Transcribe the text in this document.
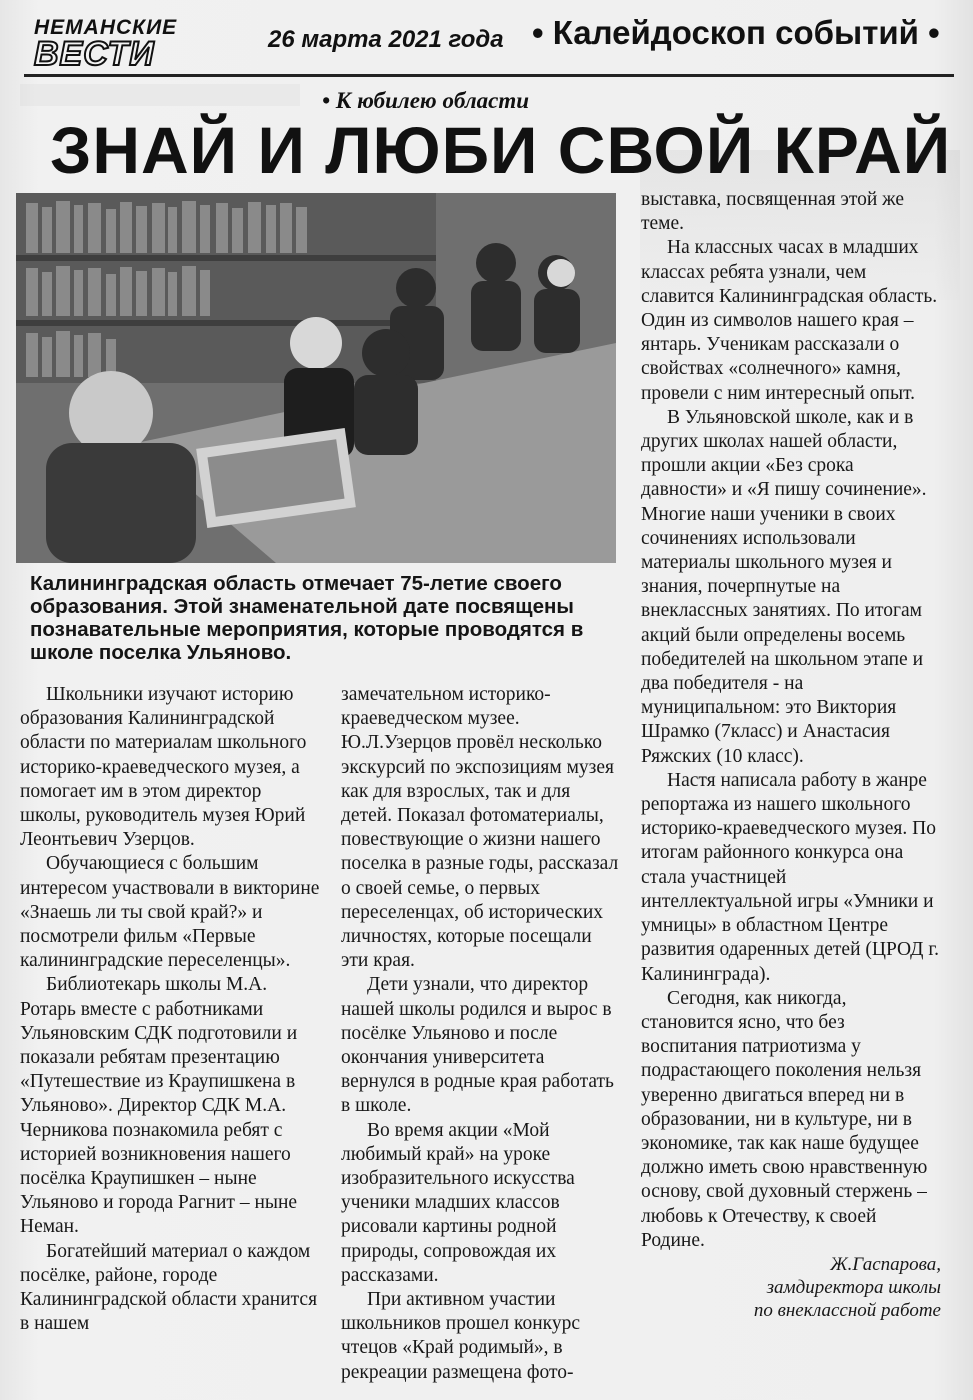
НЕМАНСКИЕ
ВЕСТИ	26 марта 2021 года • Калейдоскоп событий •
• К юбилею области
ЗНАЙ И ЛЮБИ СВОЙ КРАЙ
Калининградская область отмечает 75-летие своего образования. Этой знаменательной дате посвящены познавательные мероприятия, которые проводятся в школе поселка Ульяново.

Школьники изучают историю образования Калининградской области по материалам школьного историко-краеведческого музея, а помогает им в этом директор школы, руководитель музея Юрий Леонтьевич Узерцов.

Обучающиеся с большим интересом участвовали в викторине «Знаешь ли ты свой край?» и посмотрели фильм «Первые калининградские переселенцы».

Библиотекарь школы М.А. Ротарь вместе с работниками Ульяновским СДК подготовили и показали ребятам презентацию «Путешествие из Краупишкена в Ульяново». Директор СДК М.А. Черникова познакомила ребят с историей возникновения нашего посёлка Краупишкен – ныне Ульяново и города Рагнит – ныне Неман.

Богатейший материал о каждом посёлке, районе, городе Калининградской области хранится в нашем

замечательном историко-краеведческом музее. Ю.Л.Узерцов провёл несколько экскурсий по экспозициям музея как для взрослых, так и для детей. Показал фотоматериалы, повествующие о жизни нашего поселка в разные годы, рассказал о своей семье, о первых переселенцах, об исторических личностях, которые посещали эти края.

Дети узнали, что директор нашей школы родился и вырос в посёлке Ульяново и после окончания университета вернулся в родные края работать в школе.

Во время акции «Мой любимый край» на уроке изобразительного искусства ученики младших классов рисовали картины родной природы, сопровождая их рассказами.

При активном участии школьников прошел конкурс чтецов «Край родимый», в рекреации размещена фото-

выставка, посвященная этой же теме.

На классных часах в младших классах ребята узнали, чем славится Калининградская область. Один из символов нашего края – янтарь. Ученикам рассказали о свойствах «солнечного» камня, провели с ним интересный опыт.

В Ульяновской школе, как и в других школах нашей области, прошли акции «Без срока давности» и «Я пишу сочинение». Многие наши ученики в своих сочинениях использовали материалы школьного музея и знания, почерпнутые на внеклассных занятиях. По итогам акций были определены восемь победителей на школьном этапе и два победителя - на муниципальном: это Виктория Шрамко (7класс) и Анастасия Ряжских (10 класс).

Настя написала работу в жанре репортажа из нашего школьного историко-краеведческого музея. По итогам районного конкурса она стала участницей интеллектуальной игры «Умники и умницы» в областном Центре развития одаренных детей (ЦРОД г. Калининграда).

Сегодня, как никогда, становится ясно, что без воспитания патриотизма у подрастающего поколения нельзя уверенно двигаться вперед ни в образовании, ни в культуре, ни в экономике, так как наше будущее должно иметь свою нравственную основу, свой духовный стержень – любовь к Отечеству, к своей Родине.

Ж.Гаспарова,
замдиректора школы
по внеклассной работе
